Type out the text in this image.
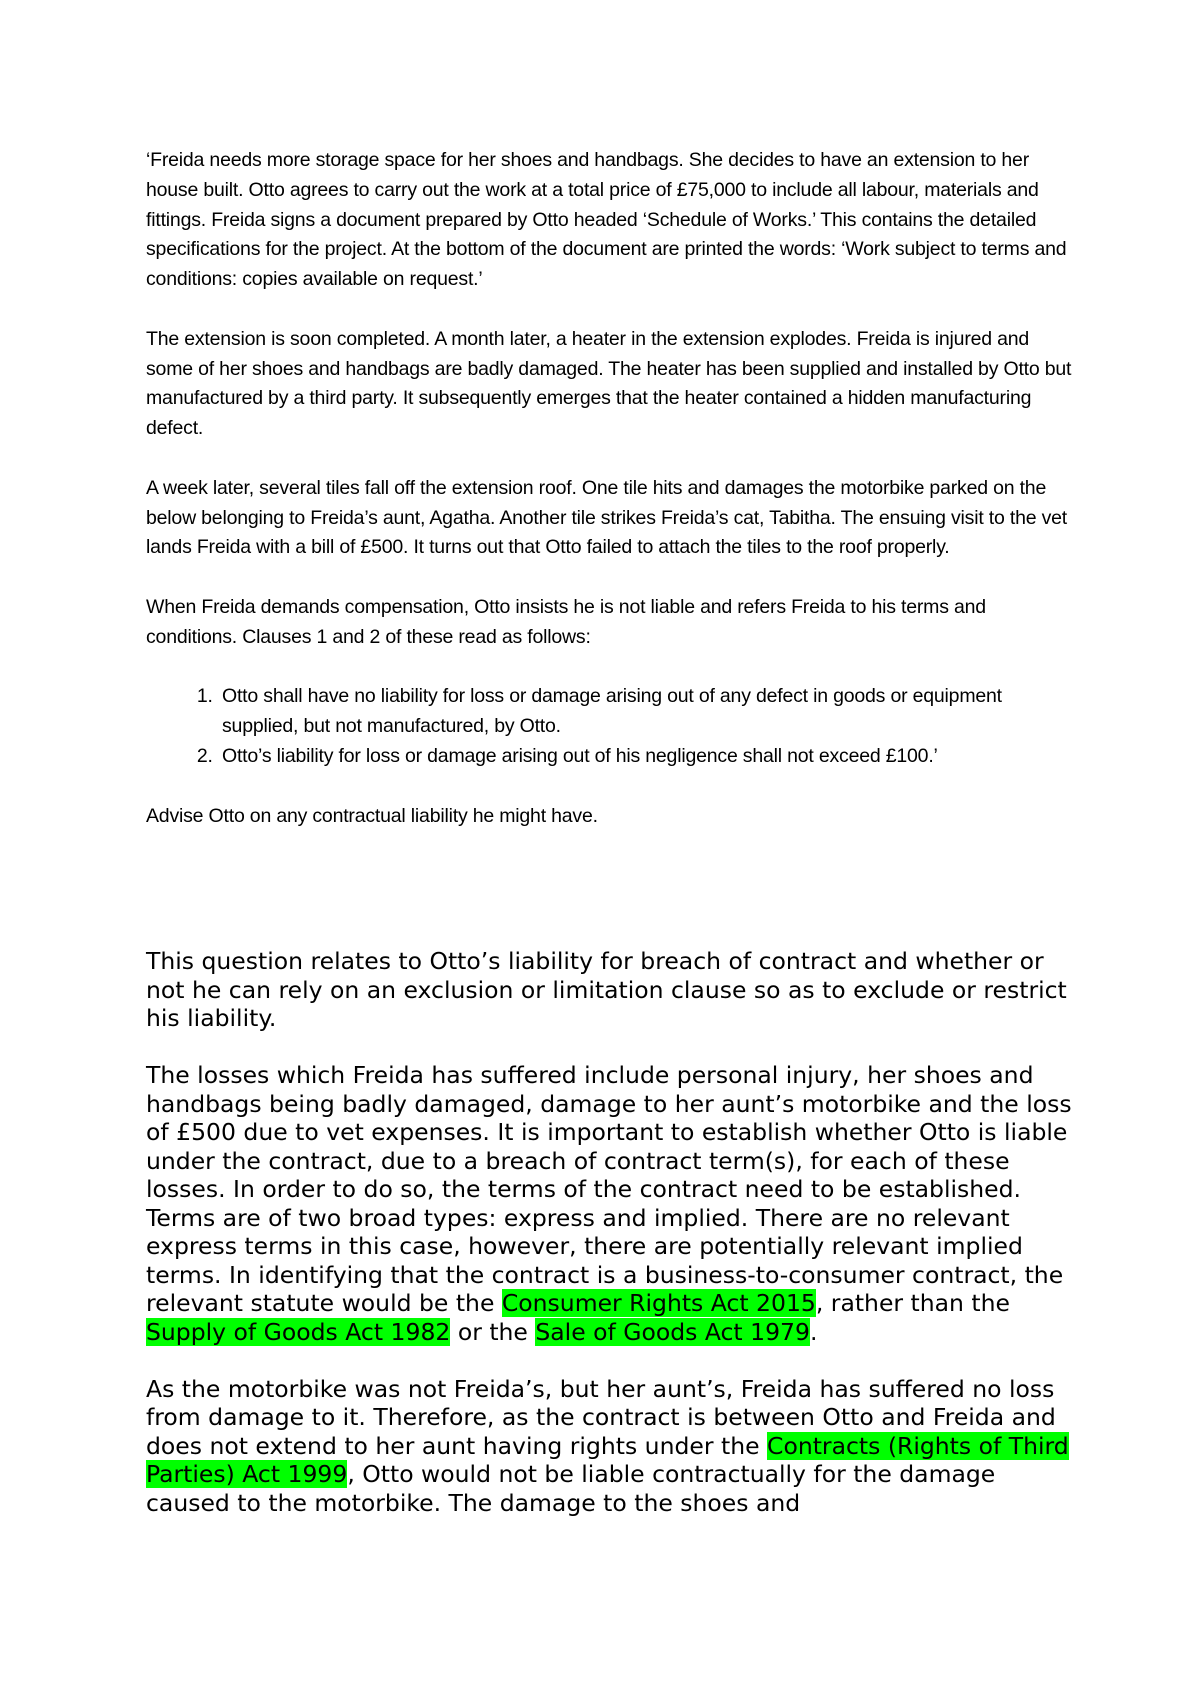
‘Freida needs more storage space for her shoes and handbags. She decides to have an extension to her house built. Otto agrees to carry out the work at a total price of £75,000 to include all labour, materials and fittings. Freida signs a document prepared by Otto headed ‘Schedule of Works.’ This contains the detailed specifications for the project. At the bottom of the document are printed the words: ‘Work subject to terms and conditions: copies available on request.’

The extension is soon completed. A month later, a heater in the extension explodes. Freida is injured and some of her shoes and handbags are badly damaged. The heater has been supplied and installed by Otto but manufactured by a third party. It subsequently emerges that the heater contained a hidden manufacturing defect.

A week later, several tiles fall off the extension roof. One tile hits and damages the motorbike parked on the below belonging to Freida’s aunt, Agatha. Another tile strikes Freida’s cat, Tabitha. The ensuing visit to the vet lands Freida with a bill of £500. It turns out that Otto failed to attach the tiles to the roof properly.

When Freida demands compensation, Otto insists he is not liable and refers Freida to his terms and conditions. Clauses 1 and 2 of these read as follows:

1. Otto shall have no liability for loss or damage arising out of any defect in goods or equipment supplied, but not manufactured, by Otto.
2. Otto’s liability for loss or damage arising out of his negligence shall not exceed £100.’

Advise Otto on any contractual liability he might have.

This question relates to Otto’s liability for breach of contract and whether or not he can rely on an exclusion or limitation clause so as to exclude or restrict his liability.

The losses which Freida has suffered include personal injury, her shoes and handbags being badly damaged, damage to her aunt’s motorbike and the loss of £500 due to vet expenses. It is important to establish whether Otto is liable under the contract, due to a breach of contract term(s), for each of these losses. In order to do so, the terms of the contract need to be established. Terms are of two broad types: express and implied. There are no relevant express terms in this case, however, there are potentially relevant implied terms. In identifying that the contract is a business-to-consumer contract, the relevant statute would be the Consumer Rights Act 2015, rather than the Supply of Goods Act 1982 or the Sale of Goods Act 1979.

As the motorbike was not Freida’s, but her aunt’s, Freida has suffered no loss from damage to it. Therefore, as the contract is between Otto and Freida and does not extend to her aunt having rights under the Contracts (Rights of Third Parties) Act 1999, Otto would not be liable contractually for the damage caused to the motorbike. The damage to the shoes and
